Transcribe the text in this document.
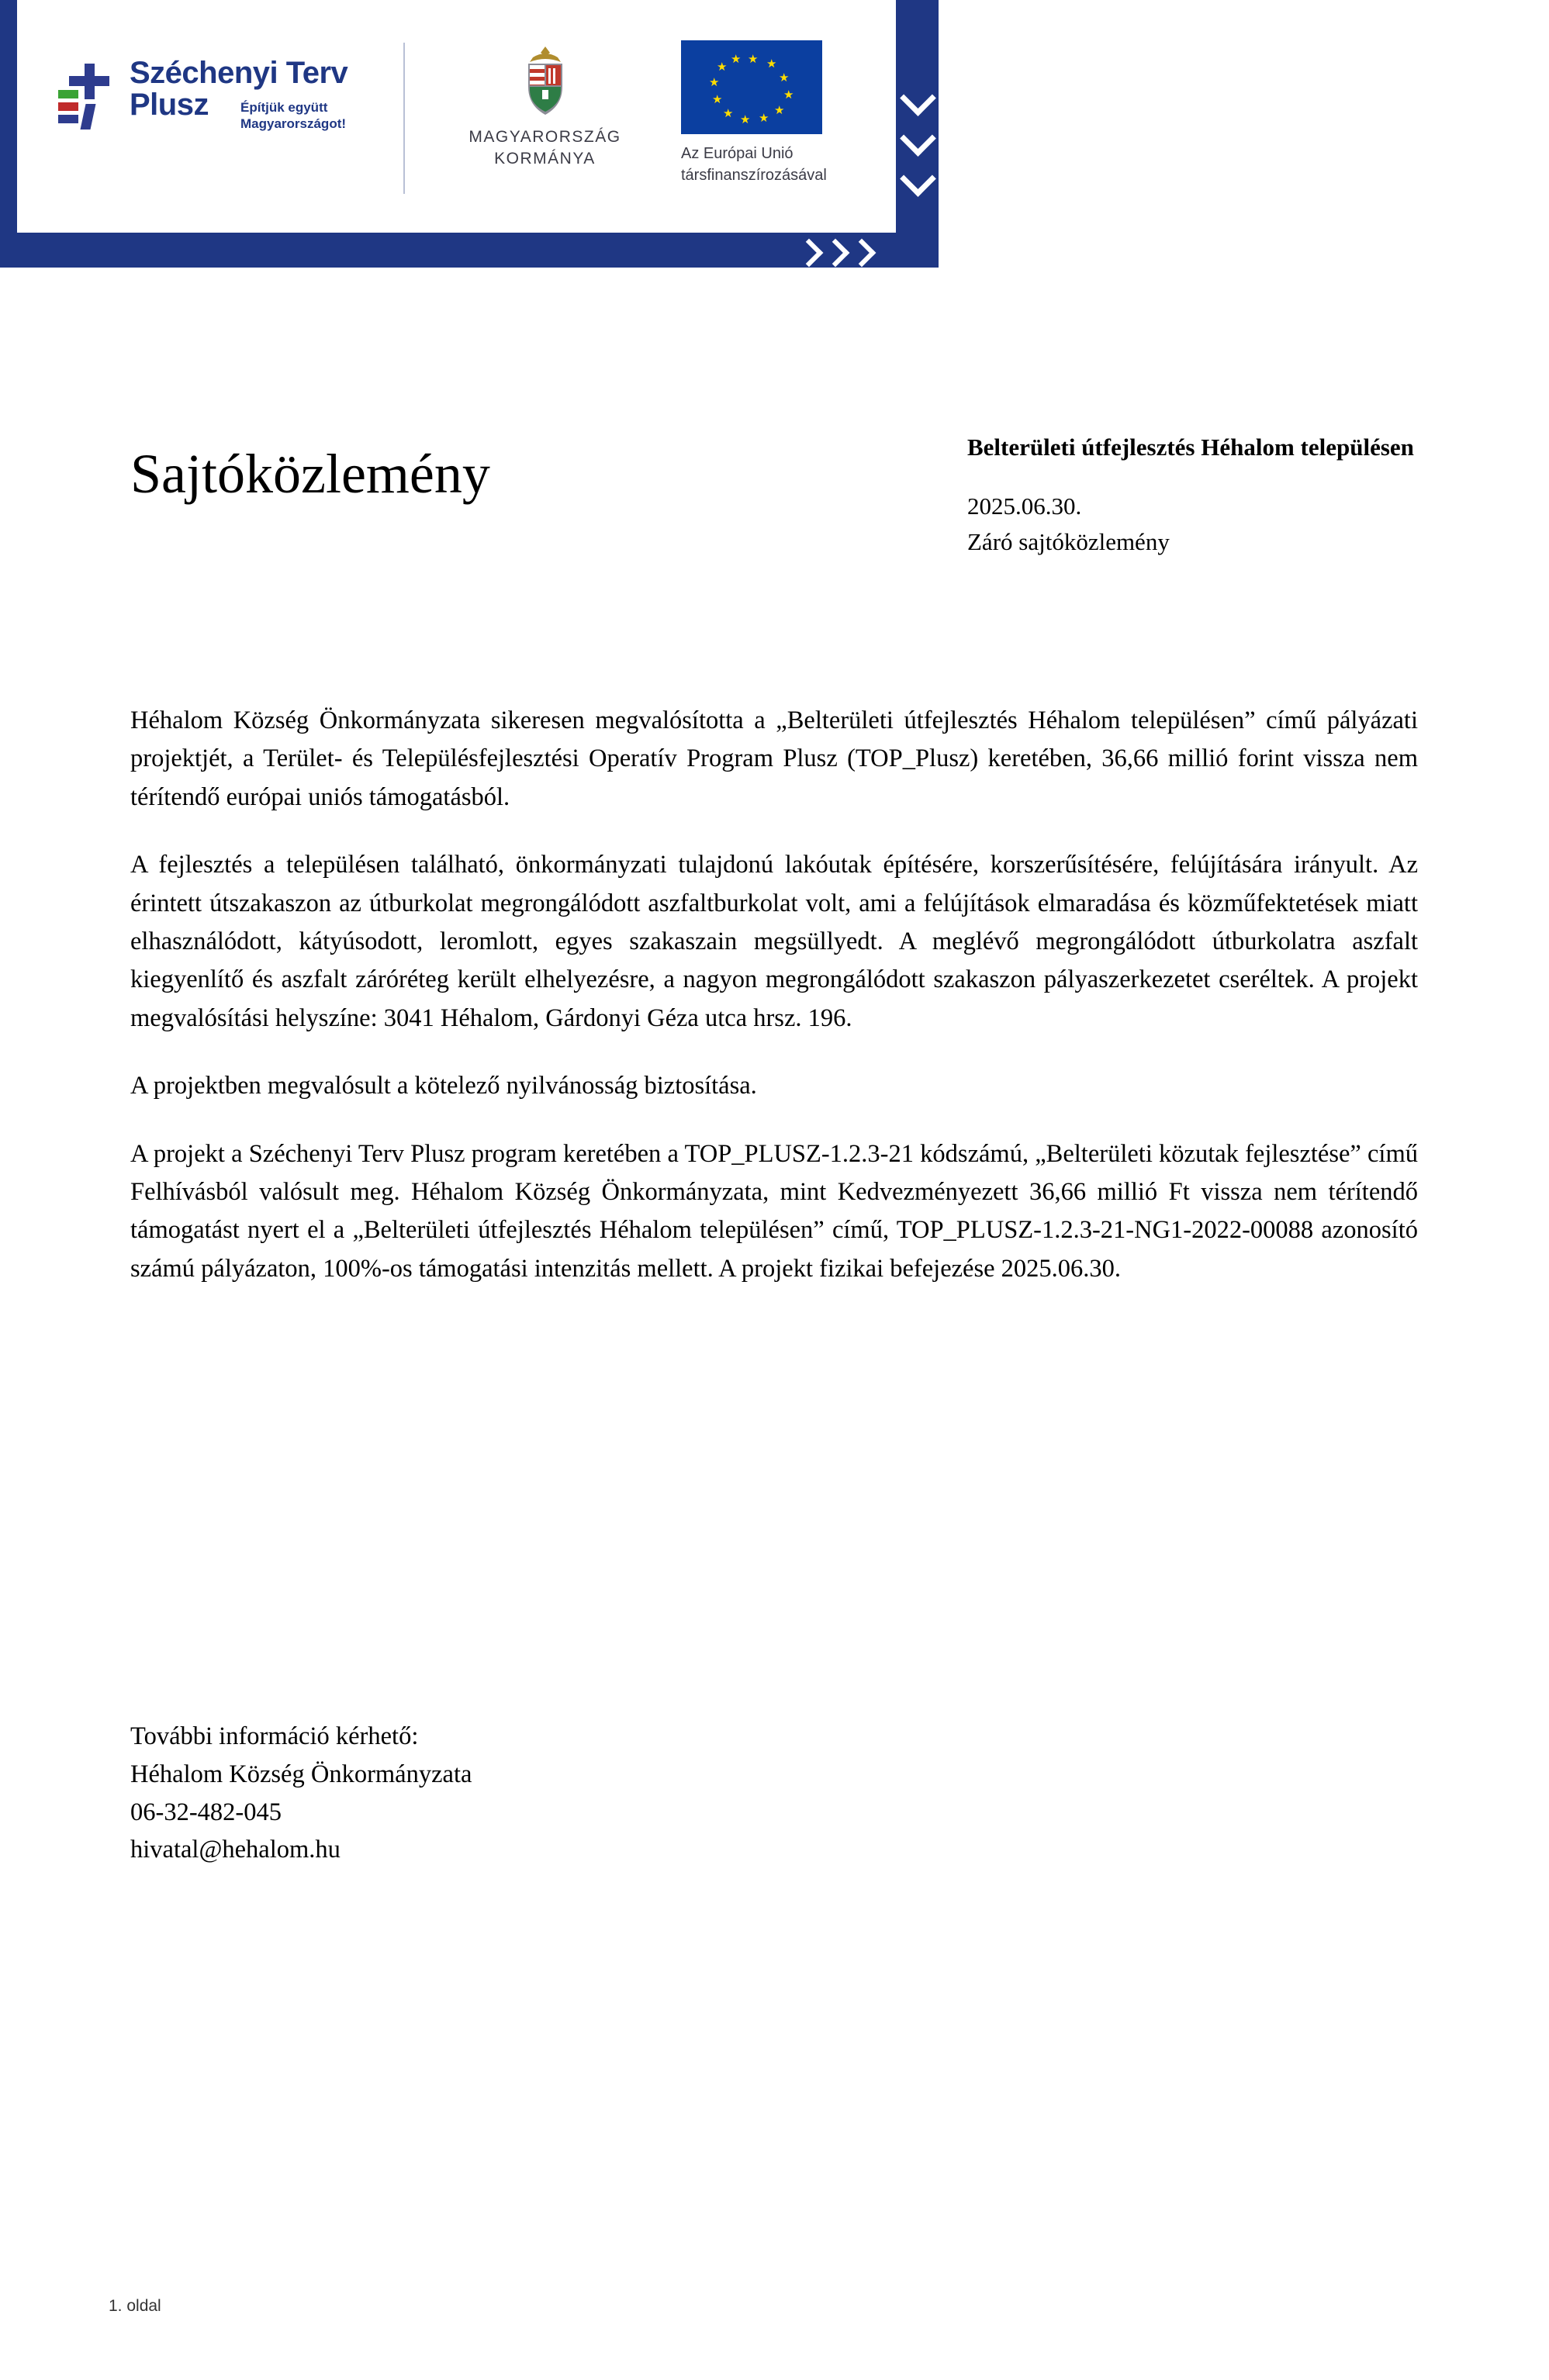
Széchenyi Terv
Plusz	Építjük együtt
Magyarországot!
MAGYARORSZÁG
KORMÁNYA
★ ★
★
★
★
★
★
★
★
★
★
★
Az Európai Unió
társfinanszírozásával
Sajtóközlemény	Belterületi útfejlesztés Héhalom településen
2025.06.30.
Záró sajtóközlemény

Héhalom Község Önkormányzata sikeresen megvalósította a „Belterületi útfejlesztés Héhalom településen” című pályázati projektjét, a Terület- és Településfejlesztési Operatív Program Plusz (TOP_Plusz) keretében, 36,66 millió forint vissza nem térítendő európai uniós támogatásból.

A fejlesztés a településen található, önkormányzati tulajdonú lakóutak építésére, korszerűsítésére, felújítására irányult. Az érintett útszakaszon az útburkolat megrongálódott aszfaltburkolat volt, ami a felújítások elmaradása és közműfektetések miatt elhasználódott, kátyúsodott, leromlott, egyes szakaszain megsüllyedt. A meglévő megrongálódott útburkolatra aszfalt kiegyenlítő és aszfalt záróréteg került elhelyezésre, a nagyon megrongálódott szakaszon pályaszerkezetet cseréltek. A projekt megvalósítási helyszíne: 3041 Héhalom, Gárdonyi Géza utca hrsz. 196.

A projektben megvalósult a kötelező nyilvánosság biztosítása.

A projekt a Széchenyi Terv Plusz program keretében a TOP_PLUSZ-1.2.3-21 kódszámú, „Belterületi közutak fejlesztése” című Felhívásból valósult meg. Héhalom Község Önkormányzata, mint Kedvezményezett 36,66 millió Ft vissza nem térítendő támogatást nyert el a „Belterületi útfejlesztés Héhalom településen” című, TOP_PLUSZ-1.2.3-21-NG1-2022-00088 azonosító számú pályázaton, 100%-os támogatási intenzitás mellett. A projekt fizikai befejezése 2025.06.30.

További információ kérhető:
Héhalom Község Önkormányzata
06-32-482-045
hivatal@hehalom.hu
1. oldal
